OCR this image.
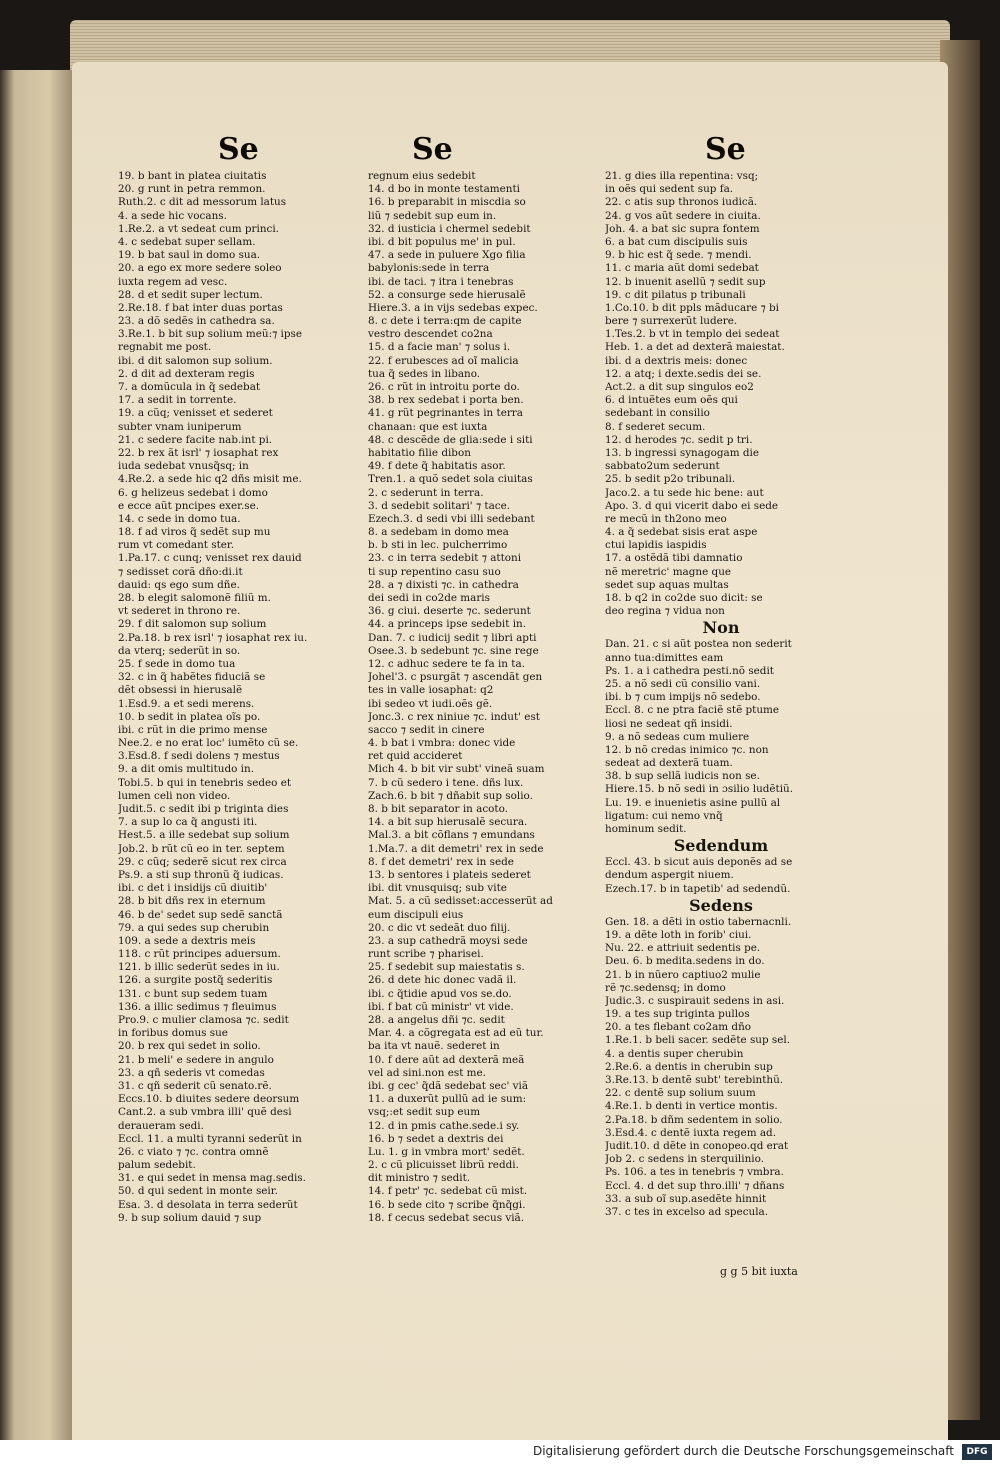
Se	Se	Se
19. b bant in platea ciuitatis
20. g runt in petra remmon.
Ruth.2. c dit ad messorum latus
4. a sede hic vocans.
1.Re.2. a vt sedeat cum princi.
4. c sedebat super sellam.
19. b bat saul in domo sua.
20. a ego ex more sedere soleo
iuxta regem ad vesc.
28. d et sedit super lectum.
2.Re.18. f bat inter duas portas
23. a dõ sedẽs in cathedra sa.
3.Re.1. b bit sup solium meũ:⁊ ipse
regnabit me post.
ibi. d dit salomon sup solium.
2. d dit ad dexteram regis
7. a domũcula in q̃ sedebat
17. a sedit in torrente.
19. a cũq; venisset et sederet
subter vnam iuniperum
21. c sedere facite nab.int pi.
22. b rex ãt isrl' ⁊ iosaphat rex
iuda sedebat vnusq̃sq; in
4.Re.2. a sede hic q2 dñs misit me.
6. g helizeus sedebat i domo
e ecce aũt pncipes exer.se.
14. c sede in domo tua.
18. f ad viros q̃ sedẽt sup mu
rum vt comedant ster.
1.Pa.17. c cunq; venisset rex dauid
⁊ sedisset corã dño:di.it
dauid: qs ego sum dñe.
28. b elegit salomonẽ filiũ m.
vt sederet in throno re.
29. f dit salomon sup solium
2.Pa.18. b rex isrl' ⁊ iosaphat rex iu.
da vterq; sederũt in so.
25. f sede in domo tua
32. c in q̃ habẽtes fiduciã se
dẽt obsessi in hierusalẽ
1.Esd.9. a et sedi merens.
10. b sedit in platea oĩs po.
ibi. c rũt in die primo mense
Nee.2. e no erat loc' iumẽto cũ se.
3.Esd.8. f sedi dolens ⁊ mestus
9. a dit omis multitudo in.
Tobi.5. b qui in tenebris sedeo et
lumen celi non video.
Judit.5. c sedit ibi p triginta dies
7. a sup lo ca q̃ angusti iti.
Hest.5. a ille sedebat sup solium
Job.2. b rũt cũ eo in ter. septem
29. c cũq; sederẽ sicut rex circa
Ps.9. a sti sup thronũ q̃ iudicas.
ibi. c det i insidijs cũ diuitib'
28. b bit dñs rex in eternum
46. b de' sedet sup sedẽ sanctã
79. a qui sedes sup cherubin
109. a sede a dextris meis
118. c rũt principes aduersum.
121. b illic sederũt sedes in iu.
126. a surgite postq̃ sederitis
131. c bunt sup sedem tuam
136. a illic sedimus ⁊ fleuimus
Pro.9. c mulier clamosa ⁊c. sedit
in foribus domus sue
20. b rex qui sedet in solio.
21. b meli' e sedere in angulo
23. a qñ sederis vt comedas
31. c qñ sederit cũ senato.rẽ.
Eccs.10. b diuites sedere deorsum
Cant.2. a sub vmbra illi' quẽ desi
deraueram sedi.
Eccl. 11. a multi tyranni sederũt in
26. c viato ⁊ ⁊c. contra omnẽ
palum sedebit.
31. e qui sedet in mensa mag.sedis.
50. d qui sedent in monte seir.
Esa. 3. d desolata in terra sederũt
9. b sup solium dauid ⁊ sup
regnum eius sedebit
14. d bo in monte testamenti
16. b preparabit in miscdia so
liũ ⁊ sedebit sup eum in.
32. d iusticia i chermel sedebit
ibi. d bit populus me' in pul.
47. a sede in puluere Xgo filia
babylonis:sede in terra
ibi. de taci. ⁊ itra i tenebras
52. a consurge sede hierusalẽ
Hiere.3. a in vijs sedebas expec.
8. c dete i terra:qm de capite
vestro descendet co2na
15. d a facie man' ⁊ solus i.
22. f erubesces ad oĩ malicia
tua q̃ sedes in libano.
26. c rũt in introitu porte do.
38. b rex sedebat i porta ben.
41. g rũt pegrinantes in terra
chanaan: que est iuxta
48. c descẽde de glia:sede i siti
habitatio filie dibon
49. f dete q̃ habitatis asor.
Tren.1. a quõ sedet sola ciuitas
2. c sederunt in terra.
3. d sedebit solitari' ⁊ tace.
Ezech.3. d sedi vbi illi sedebant
8. a sedebam in domo mea
b. b sti in lec. pulcherrimo
23. c in terra sedebit ⁊ attoni
ti sup repentino casu suo
28. a ⁊ dixisti ⁊c. in cathedra
dei sedi in co2de maris
36. g ciui. deserte ⁊c. sederunt
44. a princeps ipse sedebit in.
Dan. 7. c iudicij sedit ⁊ libri apti
Osee.3. b sedebunt ⁊c. sine rege
12. c adhuc sedere te fa in ta.
Johel'3. c psurgãt ⁊ ascendãt gen
tes in valle iosaphat: q2
ibi sedeo vt iudi.oẽs gẽ.
Jonc.3. c rex niniue ⁊c. indut' est
sacco ⁊ sedit in cinere
4. b bat i vmbra: donec vide
ret quid accideret
Mich 4. b bit vir subt' vineã suam
7. b cũ sedero i tene. dñs lux.
Zach.6. b bit ⁊ dñabit sup solio.
8. b bit separator in acoto.
14. a bit sup hierusalẽ secura.
Mal.3. a bit cõflans ⁊ emundans
1.Ma.7. a dit demetri' rex in sede
8. f det demetri' rex in sede
13. b sentores i plateis sederet
ibi. dit vnusquisq; sub vite
Mat. 5. a cũ sedisset:accesserũt ad
eum discipuli eius
20. c dic vt sedeãt duo filij.
23. a sup cathedrã moysi sede
runt scribe ⁊ pharisei.
25. f sedebit sup maiestatis s.
26. d dete hic donec vadã il.
ibi. c q̃tidie apud vos se.do.
ibi. f bat cũ ministr' vt vide.
28. a angelus dñi ⁊c. sedit
Mar. 4. a cõgregata est ad eũ tur.
ba ita vt nauẽ. sederet in
10. f dere aũt ad dexterã meã
vel ad sini.non est me.
ibi. g cec' q̃dã sedebat sec' viã
11. a duxerũt pullũ ad ie sum:
vsq;:et sedit sup eum
12. d in pmis cathe.sede.i sy.
16. b ⁊ sedet a dextris dei
Lu. 1. g in vmbra mort' sedẽt.
2. c cũ plicuisset librũ reddi.
dit ministro ⁊ sedit.
14. f petr' ⁊c. sedebat cũ mist.
16. b sede cito ⁊ scribe q̃nq̃gi.
18. f cecus sedebat secus viã.
21. g dies illa repentina: vsq;
in oẽs qui sedent sup fa.
22. c atis sup thronos iudicã.
24. g vos aũt sedere in ciuita.
Joh. 4. a bat sic supra fontem
6. a bat cum discipulis suis
9. b hic est q̃ sede. ⁊ mendi.
11. c maria aũt domi sedebat
12. b inuenit asellũ ⁊ sedit sup
19. c dit pilatus p tribunali
1.Co.10. b dit ppls mãducare ⁊ bi
bere ⁊ surrexerũt ludere.
1.Tes.2. b vt in templo dei sedeat
Heb. 1. a det ad dexterã maiestat.
ibi. d a dextris meis: donec
12. a atq; i dexte.sedis dei se.
Act.2. a dit sup singulos eo2
6. d intuẽtes eum oẽs qui
sedebant in consilio
8. f sederet secum.
12. d herodes ⁊c. sedit p tri.
13. b ingressi synagogam die
sabbato2um sederunt
25. b sedit p2o tribunali.
Jaco.2. a tu sede hic bene: aut
Apo. 3. d qui vicerit dabo ei sede
re mecũ in th2ono meo
4. a q̃ sedebat sisis erat aspe
ctui lapidis iaspidis
17. a ostẽdã tibi damnatio
nẽ meretric' magne que
sedet sup aquas multas
18. b q2 in co2de suo dicit: se
deo regina ⁊ vidua non
Non
Dan. 21. c si aũt postea non sederit
anno tua:dimittes eam
Ps. 1. a i cathedra pesti.nõ sedit
25. a nõ sedi cũ consilio vani.
ibi. b ⁊ cum impijs nõ sedebo.
Eccl. 8. c ne ptra faciẽ stẽ ptume
liosi ne sedeat qñ insidi.
9. a nõ sedeas cum muliere
12. b nõ credas inimico ⁊c. non
sedeat ad dexterã tuam.
38. b sup sellã iudicis non se.
Hiere.15. b nõ sedi in ɔsilio ludẽtiũ.
Lu. 19. e inuenietis asine pullũ al
ligatum: cui nemo vnq̃
hominum sedit.
Sedendum
Eccl. 43. b sicut auis deponẽs ad se
dendum aspergit niuem.
Ezech.17. b in tapetib' ad sedendũ.
Sedens
Gen. 18. a dẽti in ostio tabernacnli.
19. a dẽte loth in forib' ciui.
Nu. 22. e attriuit sedentis pe.
Deu. 6. b medita.sedens in do.
21. b in nũero captiuo2 mulie
rẽ ⁊c.sedensq; in domo
Judic.3. c suspirauit sedens in asi.
19. a tes sup triginta pullos
20. a tes flebant co2am dño
1.Re.1. b beli sacer. sedẽte sup sel.
4. a dentis super cherubin
2.Re.6. a dentis in cherubin sup
3.Re.13. b dentẽ subt' terebinthũ.
22. c dentẽ sup solium suum
4.Re.1. b denti in vertice montis.
2.Pa.18. b dñm sedentem in solio.
3.Esd.4. c dentẽ iuxta regem ad.
Judit.10. d dẽte in conopeo.qd erat
Job 2. c sedens in sterquilinio.
Ps. 106. a tes in tenebris ⁊ vmbra.
Eccl. 4. d det sup thro.illi' ⁊ dñans
33. a sub oĩ sup.asedẽte hinnit
37. c tes in excelso ad specula.
g g 5 bit iuxta
Digitalisierung gefördert durch die Deutsche Forschungsgemeinschaft	DFG
